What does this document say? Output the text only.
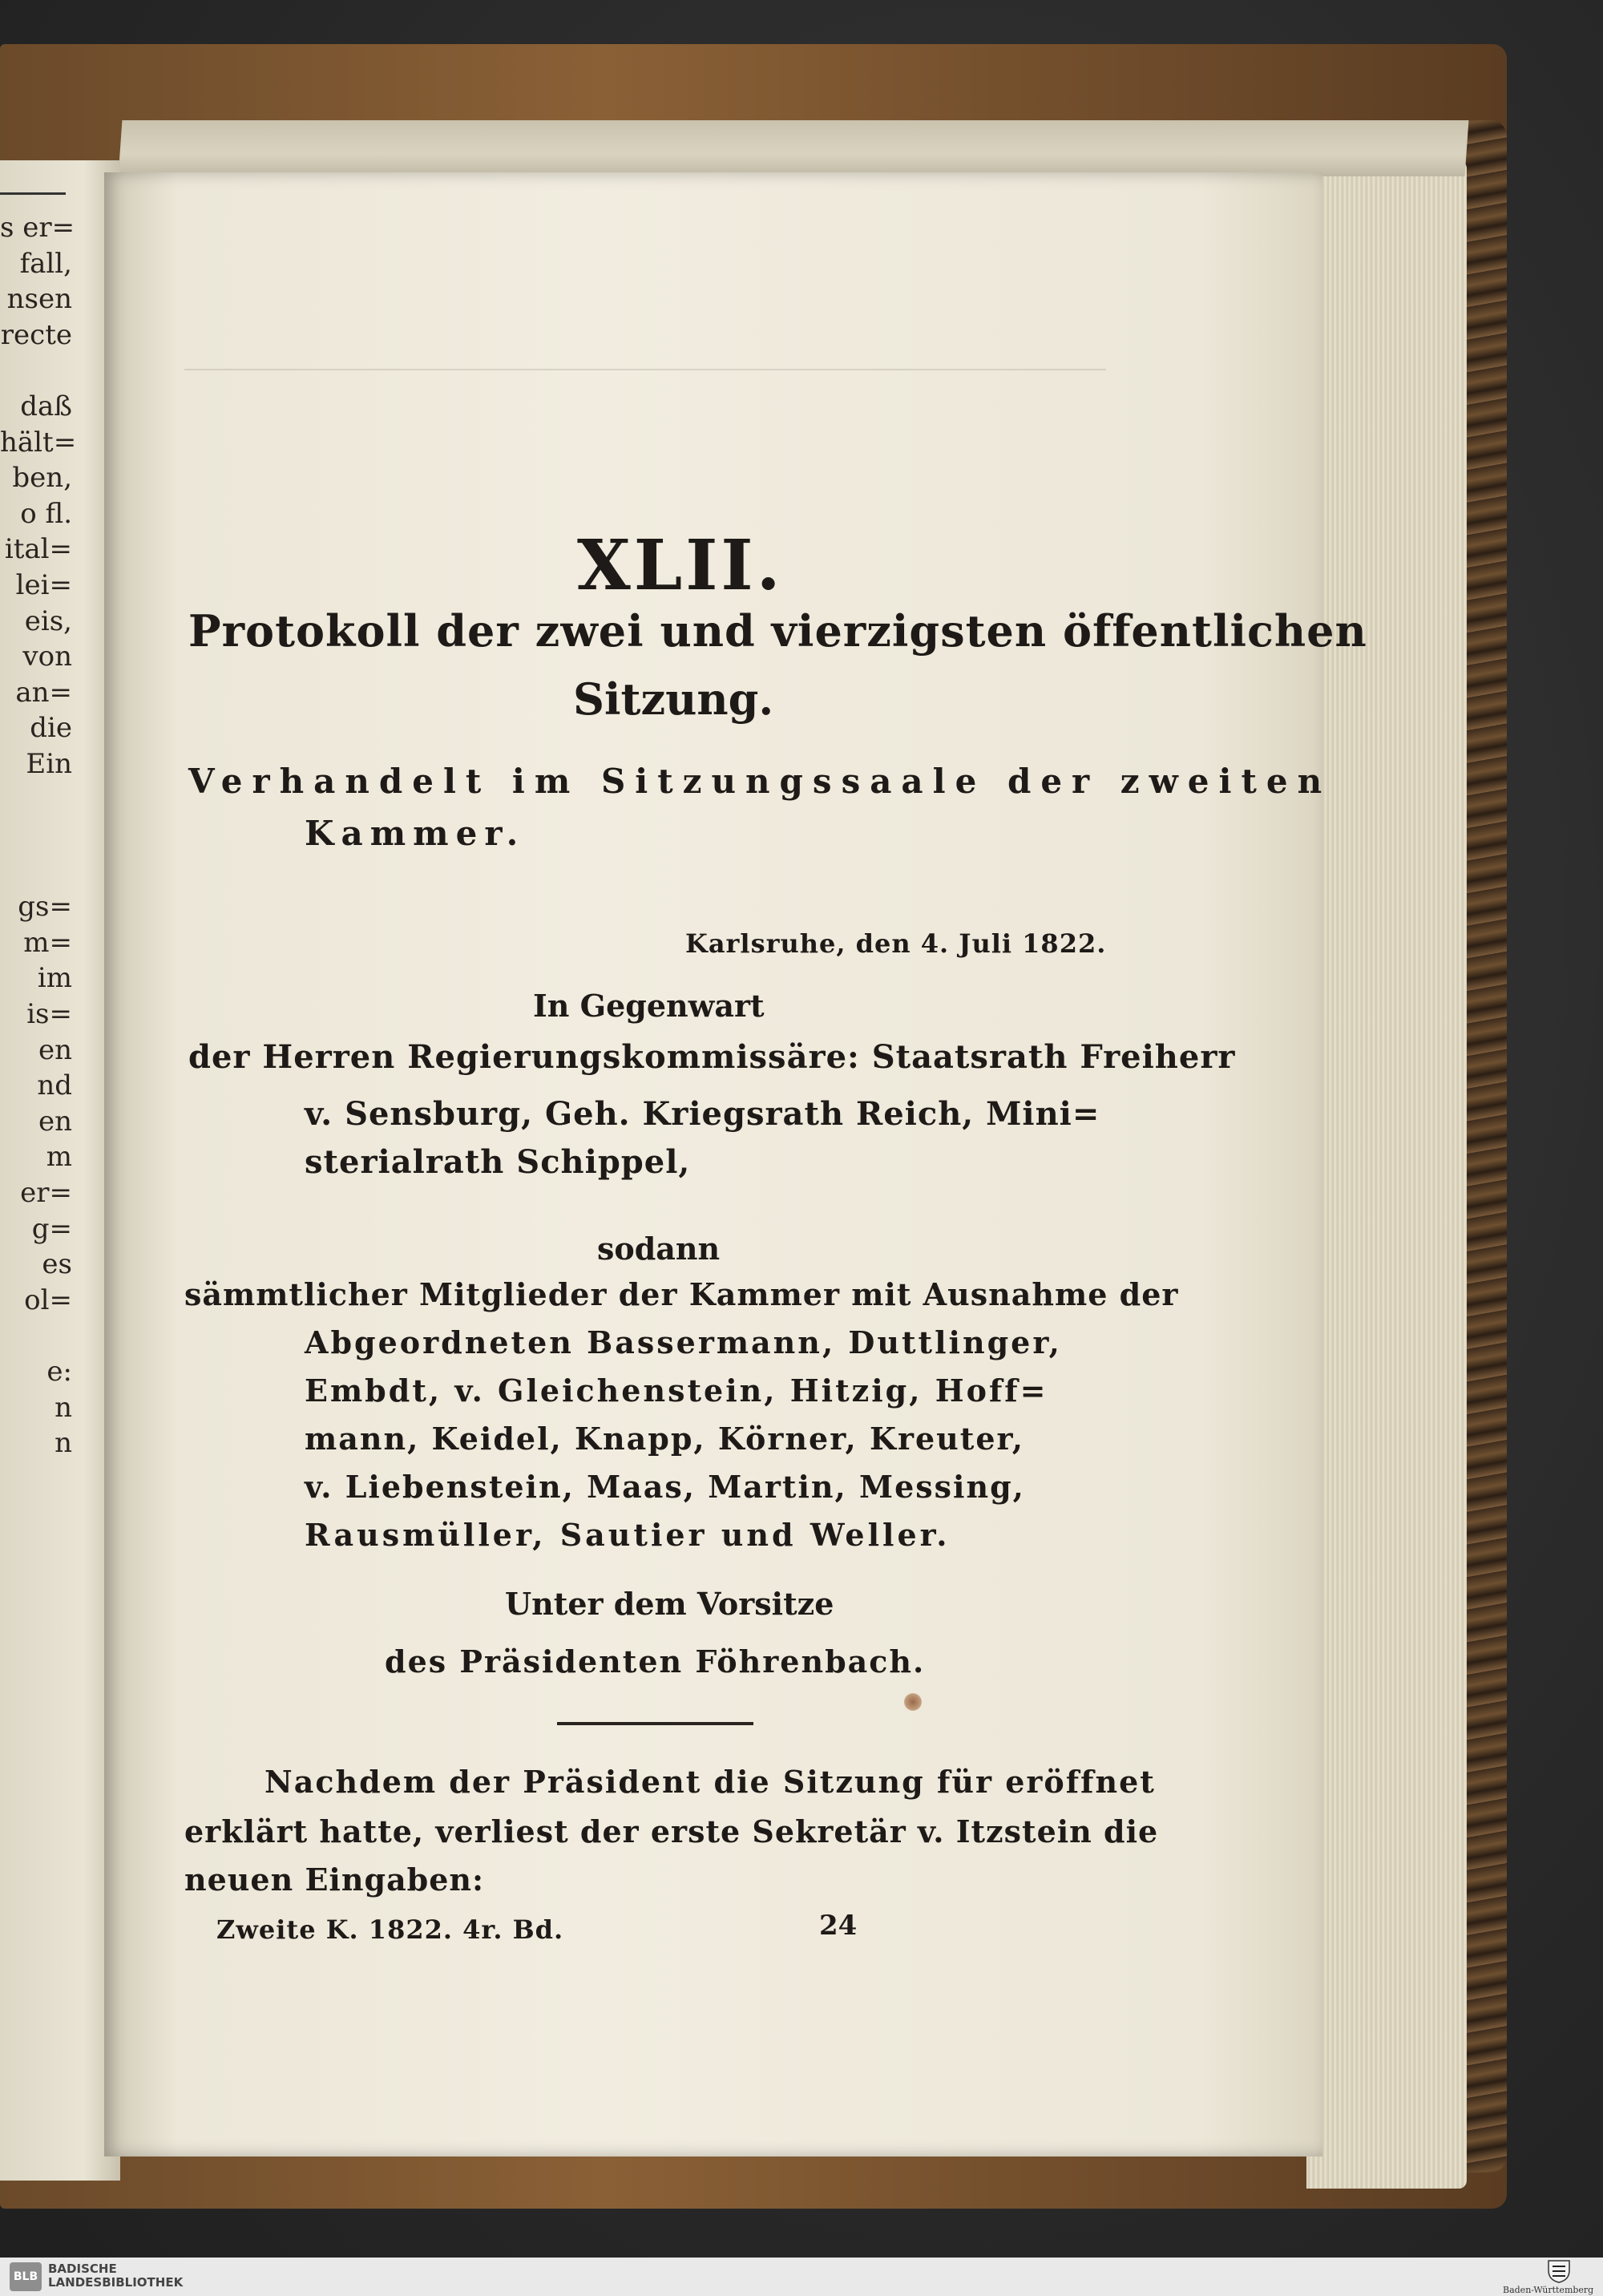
s er=
fall,
nsen
recte

daß
hält=
ben,
o fl.
ital=
lei=
eis,
von
an=
die
Ein

gs=
m=
im
is=
en
nd
en
m
er=
g=
es
ol=

e:
n
n
XLII.
Protokoll der zwei und vierzigsten öffentlichen
Sitzung.
Verhandelt im Sitzungssaale der zweiten
Kammer.
Karlsruhe, den 4. Juli 1822.
In Gegenwart
der Herren Regierungskommissäre: Staatsrath Freiherr
v. Sensburg, Geh. Kriegsrath Reich, Mini=
sterialrath Schippel,
sodann
sämmtlicher Mitglieder der Kammer mit Ausnahme der
Abgeordneten Bassermann, Duttlinger,
Embdt, v. Gleichenstein, Hitzig, Hoff=
mann, Keidel, Knapp, Körner, Kreuter,
v. Liebenstein, Maas, Martin, Messing,
Rausmüller, Sautier und Weller.
Unter dem Vorsitze
des Präsidenten Föhrenbach.
Nachdem der Präsident die Sitzung für eröffnet
erklärt hatte, verliest der erste Sekretär v. Itzstein die
neuen Eingaben:
Zweite K. 1822. 4r. Bd.	24
BLB
BADISCHE
LANDESBIBLIOTHEK
Baden-Württemberg
